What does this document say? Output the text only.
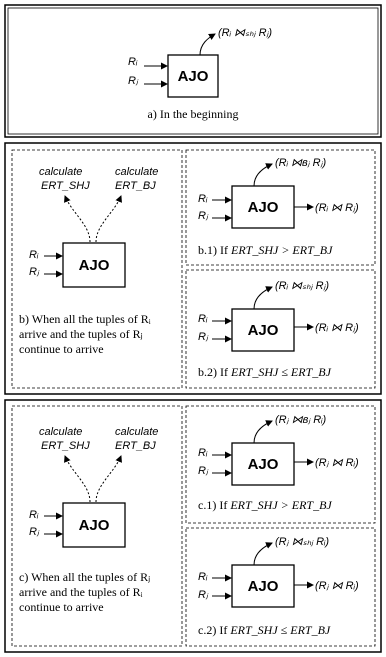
AJO
Rᵢ
Rⱼ
(Rᵢ ⋈ₛₕⱼ Rⱼ)
a) In the beginning
calculate
ERT_SHJ
calculate
ERT_BJ
AJO
Rᵢ
Rⱼ
b) When all the tuples of Rᵢ
arrive and the tuples of Rⱼ
continue to arrive
AJO
Rᵢ
Rⱼ
(Rᵢ ⋈ʙⱼ Rⱼ)
(Rᵢ ⋈ Rⱼ)
b.1) If ERT_SHJ > ERT_BJ
AJO
Rᵢ
Rⱼ
(Rᵢ ⋈ₛₕⱼ Rⱼ)
(Rᵢ ⋈ Rⱼ)
b.2) If ERT_SHJ ≤ ERT_BJ
calculate
ERT_SHJ
calculate
ERT_BJ
AJO
Rᵢ
Rⱼ
c) When all the tuples of Rⱼ
arrive and the tuples of Rᵢ
continue to arrive
AJO
Rᵢ
Rⱼ
(Rⱼ ⋈ʙⱼ Rᵢ)
(Rⱼ ⋈ Rᵢ)
c.1) If ERT_SHJ > ERT_BJ
AJO
Rᵢ
Rⱼ
(Rⱼ ⋈ₛₕⱼ Rᵢ)
(Rⱼ ⋈ Rᵢ)
c.2) If ERT_SHJ ≤ ERT_BJ
